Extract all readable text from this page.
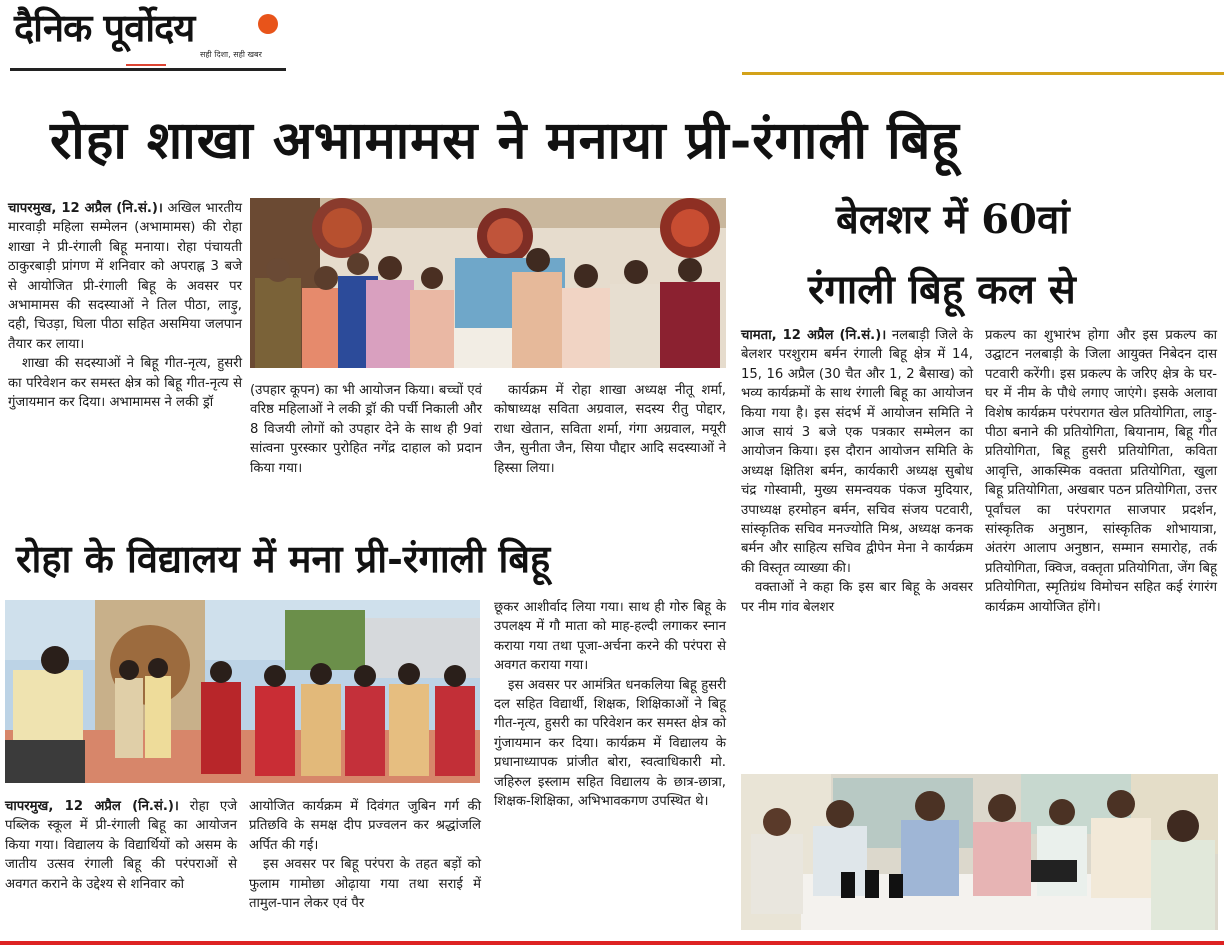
दैनिक पूर्वोदय
सही दिशा, सही खबर
रोहा शाखा अभामामस ने मनाया प्री-रंगाली बिहू

चापरमुख, 12 अप्रैल (नि.सं.)। अखिल भारतीय मारवाड़ी महिला सम्मेलन (अभामामस) की रोहा शाखा ने प्री-रंगाली बिहू मनाया। रोहा पंचायती ठाकुरबाड़ी प्रांगण में शनिवार को अपराह्न 3 बजे से आयोजित प्री-रंगाली बिहू के अवसर पर अभामामस की सदस्याओं ने तिल पीठा, लाड़ु, दही, चिउड़ा, घिला पीठा सहित असमिया जलपान तैयार कर लाया।

शाखा की सदस्याओं ने बिहू गीत-नृत्य, हुसरी का परिवेशन कर समस्त क्षेत्र को बिहू गीत-नृत्य से गुंजायमान कर दिया। अभामामस ने लकी ड्रॉ

(उपहार कूपन) का भी आयोजन किया। बच्चों एवं वरिष्ठ महिलाओं ने लकी ड्रॉ की पर्ची निकाली और 8 विजयी लोगों को उपहार देने के साथ ही 9वां सांत्वना पुरस्कार पुरोहित नगेंद्र दाहाल को प्रदान किया गया।

कार्यक्रम में रोहा शाखा अध्यक्ष नीतू शर्मा, कोषाध्यक्ष सविता अग्रवाल, सदस्य रीतु पोद्दार, राधा खेतान, सविता शर्मा, गंगा अग्रवाल, मयूरी जैन, सुनीता जैन, सिया पौद्दार आदि सदस्याओं ने हिस्सा लिया।

बेलशर में 60वां
रंगाली बिहू कल से

चामता, 12 अप्रैल (नि.सं.)। नलबाड़ी जिले के बेलशर परशुराम बर्मन रंगाली बिहू क्षेत्र में 14, 15, 16 अप्रैल (30 चैत और 1, 2 बैसाख) को भव्य कार्यक्रमों के साथ रंगाली बिहू का आयोजन किया गया है। इस संदर्भ में आयोजन समिति ने आज सायं 3 बजे एक पत्रकार सम्मेलन का आयोजन किया। इस दौरान आयोजन समिति के अध्यक्ष क्षितिश बर्मन, कार्यकारी अध्यक्ष सुबोध चंद्र गोस्वामी, मुख्य समन्वयक पंकज मुदियार, उपाध्यक्ष हरमोहन बर्मन, सचिव संजय पटवारी, सांस्कृतिक सचिव मनज्योति मिश्र, अध्यक्ष कनक बर्मन और साहित्य सचिव द्वीपेन मेना ने कार्यक्रम की विस्तृत व्याख्या की।

वक्ताओं ने कहा कि इस बार बिहू के अवसर पर नीम गांव बेलशर

प्रकल्प का शुभारंभ होगा और इस प्रकल्प का उद्घाटन नलबाड़ी के जिला आयुक्त निबेदन दास पटवारी करेंगी। इस प्रकल्प के जरिए क्षेत्र के घर-घर में नीम के पौधे लगाए जाएंगे। इसके अलावा विशेष कार्यक्रम परंपरागत खेल प्रतियोगिता, लाड़ु-पीठा बनाने की प्रतियोगिता, बियानाम, बिहू गीत प्रतियोगिता, बिहू हुसरी प्रतियोगिता, कविता आवृत्ति, आकस्मिक वक्तता प्रतियोगिता, खुला बिहू प्रतियोगिता, अखबार पठन प्रतियोगिता, उत्तर पूर्वांचल का परंपरागत साजपार प्रदर्शन, सांस्कृतिक अनुष्ठान, सांस्कृतिक शोभायात्रा, अंतरंग आलाप अनुष्ठान, सम्मान समारोह, तर्क प्रतियोगिता, क्विज, वक्तृता प्रतियोगिता, जेंग बिहू प्रतियोगिता, स्मृतिग्रंथ विमोचन सहित कई रंगारंग कार्यक्रम आयोजित होंगे।

रोहा के विद्यालय में मना प्री-रंगाली बिहू

चापरमुख, 12 अप्रैल (नि.सं.)। रोहा एजे पब्लिक स्कूल में प्री-रंगाली बिहू का आयोजन किया गया। विद्यालय के विद्यार्थियों को असम के जातीय उत्सव रंगाली बिहू की परंपराओं से अवगत कराने के उद्देश्य से शनिवार को

आयोजित कार्यक्रम में दिवंगत जुबिन गर्ग की प्रतिछवि के समक्ष दीप प्रज्वलन कर श्रद्धांजलि अर्पित की गई।

इस अवसर पर बिहू परंपरा के तहत बड़ों को फुलाम गामोछा ओढ़ाया गया तथा सराई में तामुल-पान लेकर एवं पैर

छूकर आशीर्वाद लिया गया। साथ ही गोरु बिहू के उपलक्ष्य में गौ माता को माह-हल्दी लगाकर स्नान कराया गया तथा पूजा-अर्चना करने की परंपरा से अवगत कराया गया।

इस अवसर पर आमंत्रित धनकलिया बिहू हुसरी दल सहित विद्यार्थी, शिक्षक, शिक्षिकाओं ने बिहू गीत-नृत्य, हुसरी का परिवेशन कर समस्त क्षेत्र को गुंजायमान कर दिया। कार्यक्रम में विद्यालय के प्रधानाध्यापक प्रांजीत बोरा, स्वत्वाधिकारी मो. जहिरुल इस्लाम सहित विद्यालय के छात्र-छात्रा, शिक्षक-शिक्षिका, अभिभावकगण उपस्थित थे।
